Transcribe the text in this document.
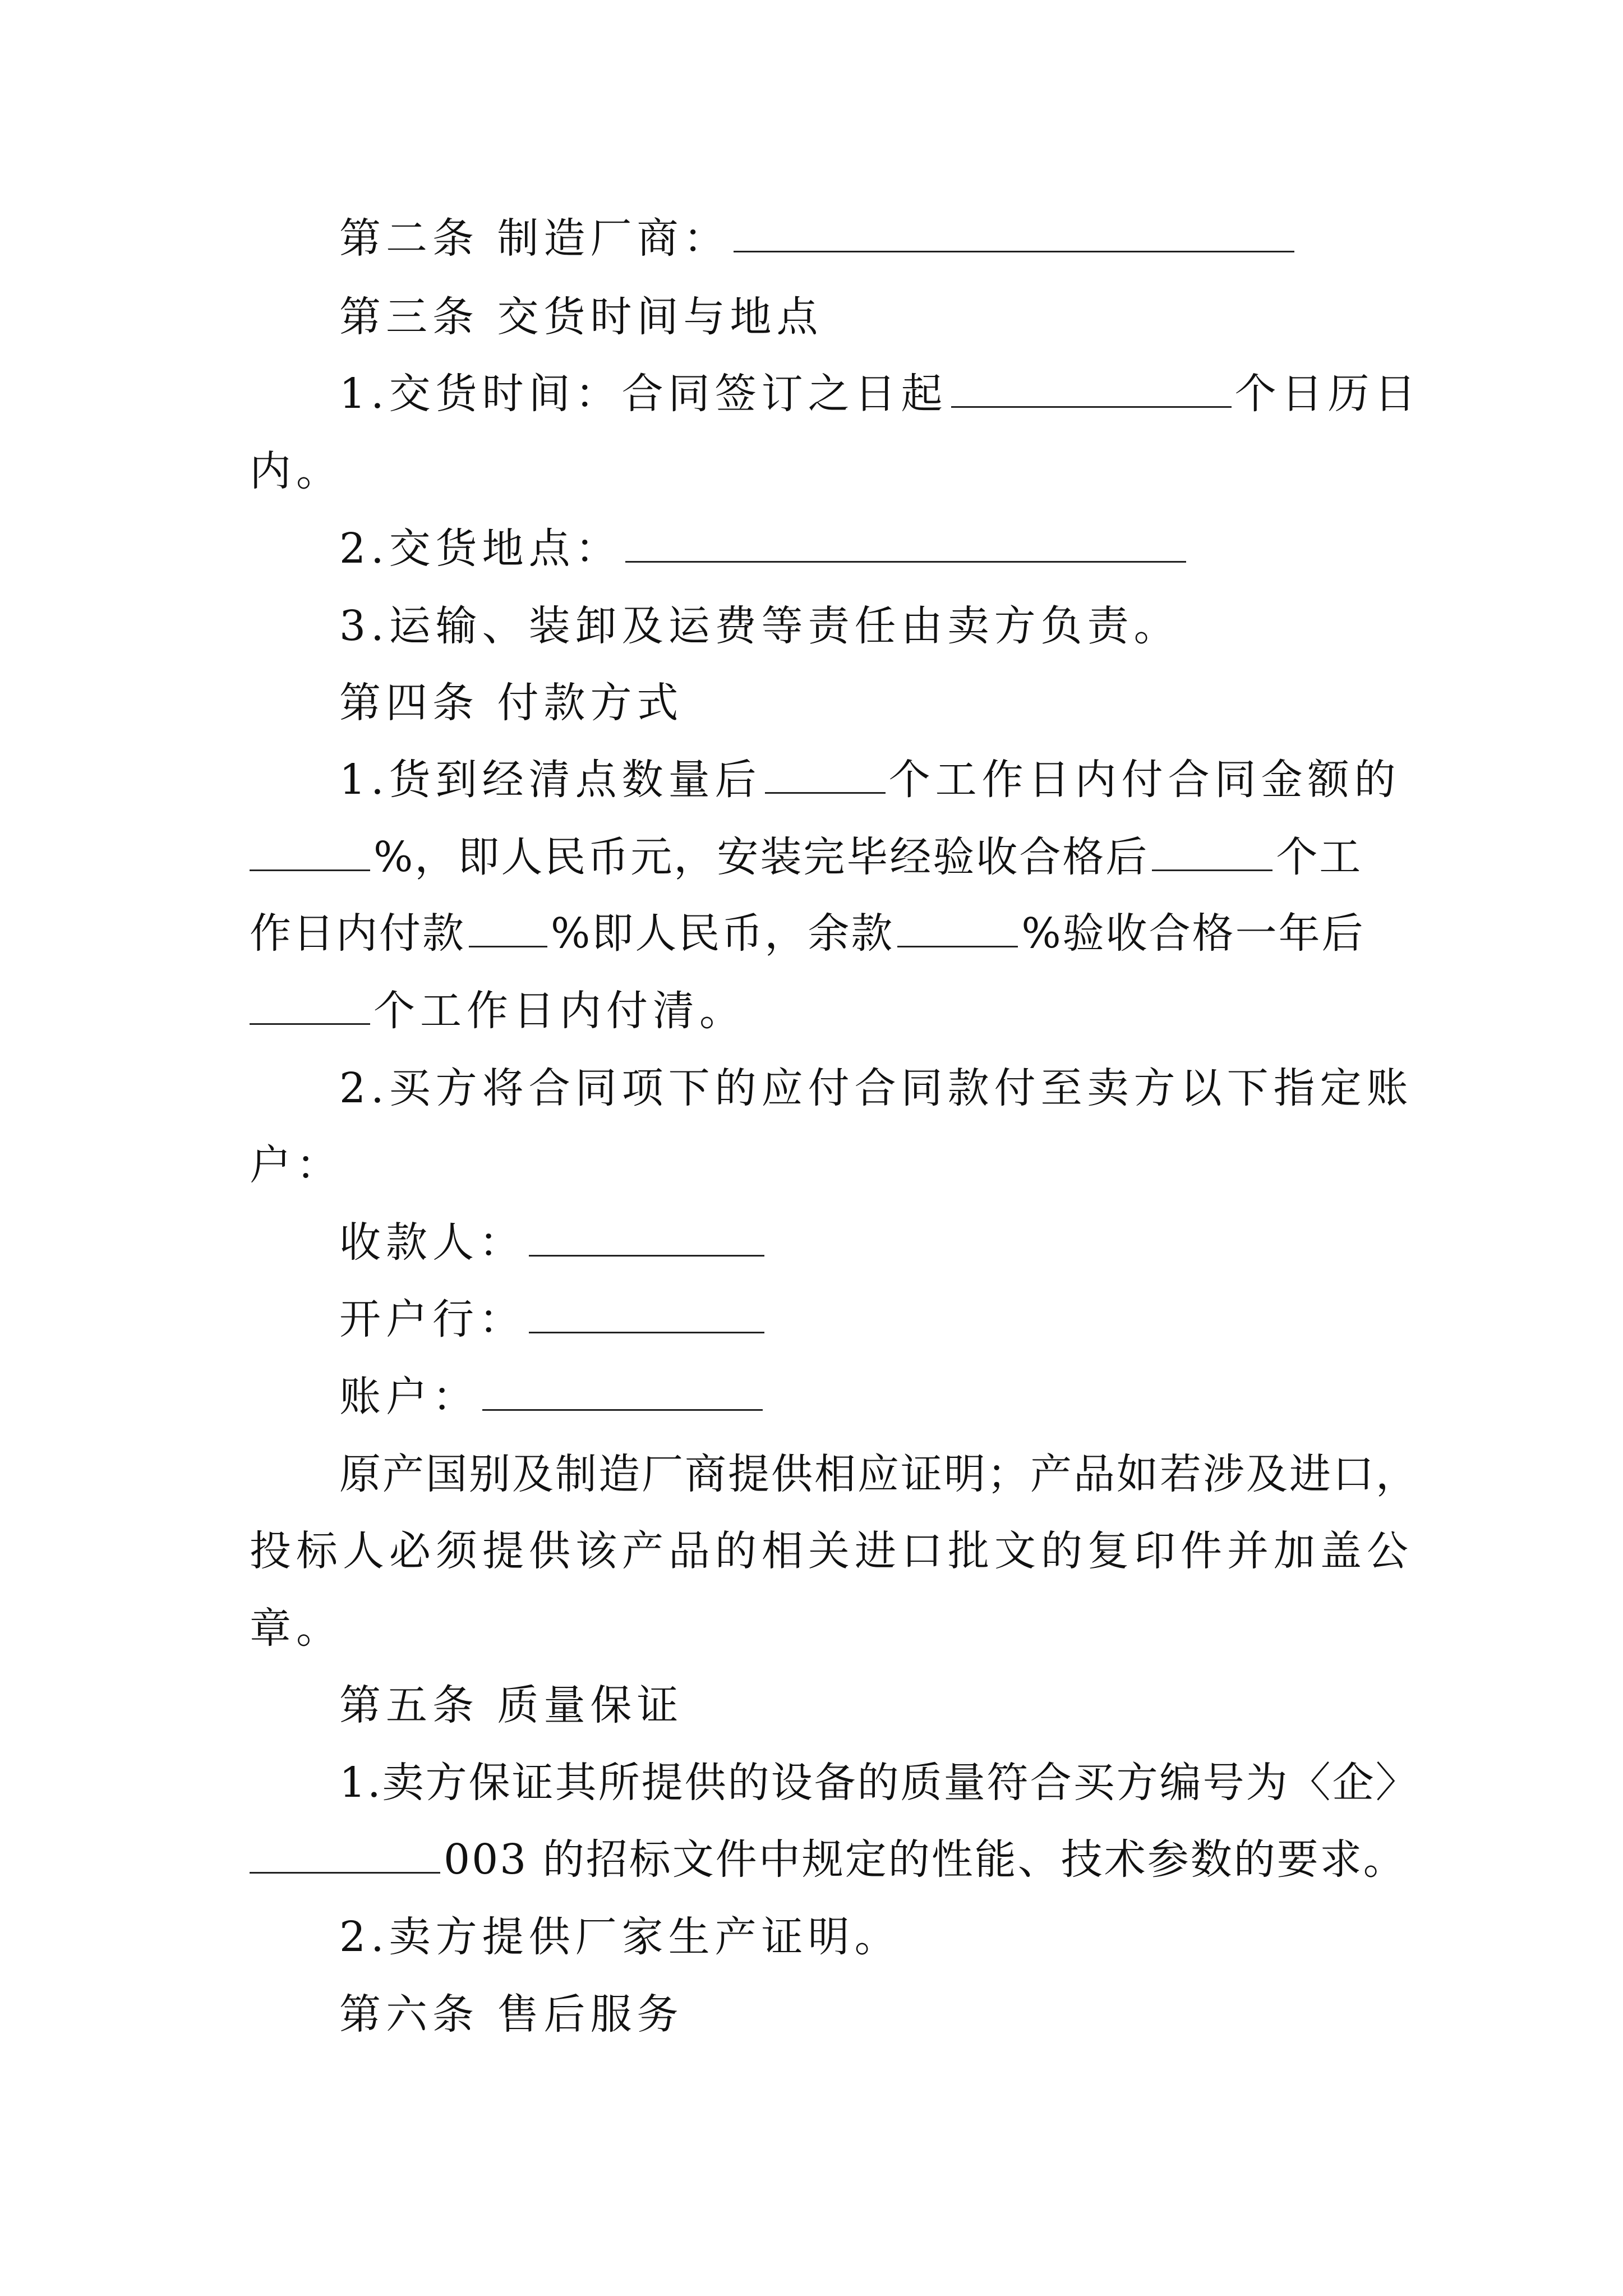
第二条 制造厂商：
第三条 交货时间与地点
1.交货时间：合同签订之日起	个日历日
内。
2.交货地点：
3.运输、装卸及运费等责任由卖方负责。
第四条 付款方式
1.货到经清点数量后	个工作日内付合同金额的
%，即人民币元，安装完毕经验收合格后	个工
作日内付款 %即人民币，余款	%验收合格一年后
个工作日内付清。
2.买方将合同项下的应付合同款付至卖方以下指定账
户：
收款人：
开户行：
账户：
原产国别及制造厂商提供相应证明；产品如若涉及进口，
投标人必须提供该产品的相关进口批文的复印件并加盖公
章。
第五条 质量保证
1.卖方保证其所提供的设备的质量符合买方编号为〈企〉
003 的招标文件中规定的性能、技术参数的要求。
2.卖方提供厂家生产证明。
第六条 售后服务
